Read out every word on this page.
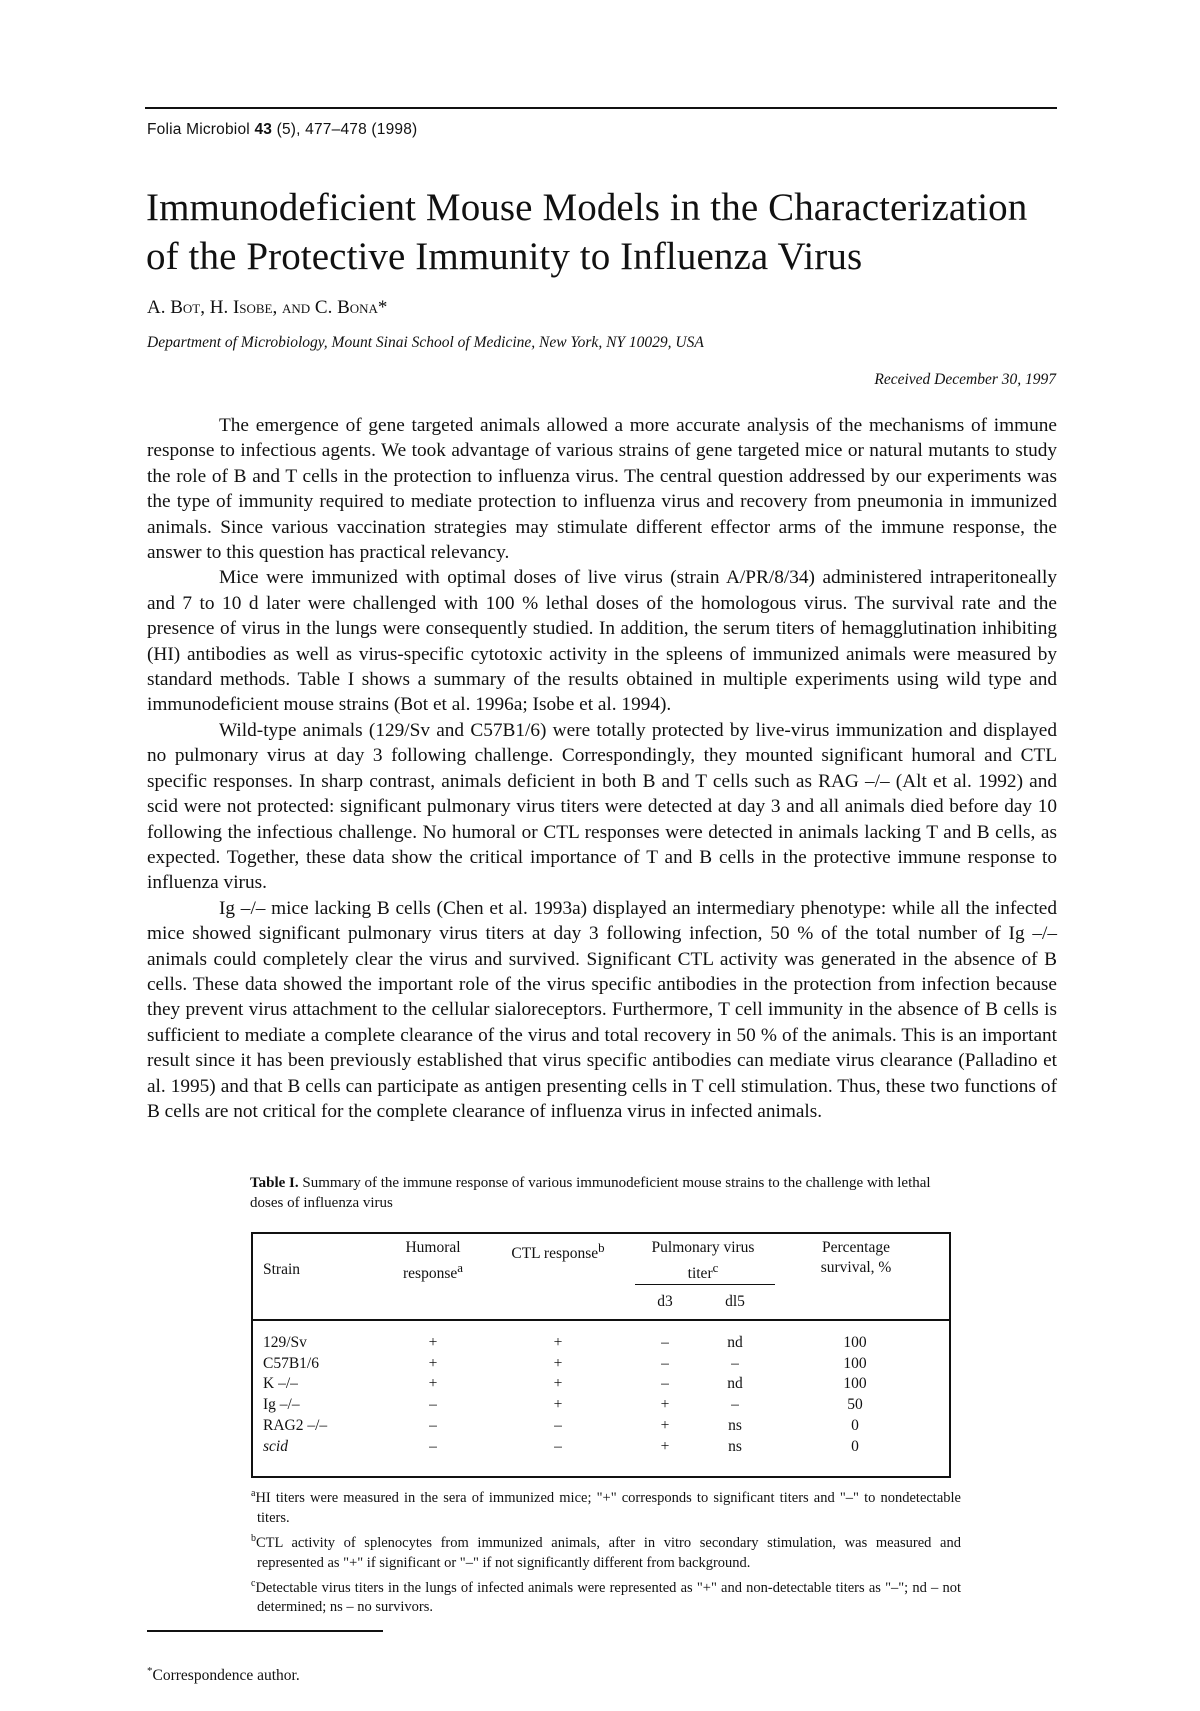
Folia Microbiol 43 (5), 477–478 (1998)
Immunodeficient Mouse Models in the Characterization
of the Protective Immunity to Influenza Virus
A. Bot, H. Isobe, and C. Bona*
Department of Microbiology, Mount Sinai School of Medicine, New York, NY 10029, USA
Received December 30, 1997

The emergence of gene targeted animals allowed a more accurate analysis of the mechanisms of immune response to infectious agents. We took advantage of various strains of gene targeted mice or natural mutants to study the role of B and T cells in the protection to influenza virus. The central question addressed by our experiments was the type of immunity required to mediate protection to influenza virus and recovery from pneumonia in immunized animals. Since various vaccination strategies may stimulate different effector arms of the immune response, the answer to this question has practical relevancy.

Mice were immunized with optimal doses of live virus (strain A/PR/8/34) administered intraperitoneally and 7 to 10 d later were challenged with 100 % lethal doses of the homologous virus. The survival rate and the presence of virus in the lungs were consequently studied. In addition, the serum titers of hemagglutination inhibiting (HI) antibodies as well as virus-specific cytotoxic activity in the spleens of immunized animals were measured by standard methods. Table I shows a summary of the results obtained in multiple experiments using wild type and immunodeficient mouse strains (Bot et al. 1996a; Isobe et al. 1994).

Wild-type animals (129/Sv and C57B1/6) were totally protected by live-virus immunization and displayed no pulmonary virus at day 3 following challenge. Correspondingly, they mounted significant humoral and CTL specific responses. In sharp contrast, animals deficient in both B and T cells such as RAG –/– (Alt et al. 1992) and scid were not protected: significant pulmonary virus titers were detected at day 3 and all animals died before day 10 following the infectious challenge. No humoral or CTL responses were detected in animals lacking T and B cells, as expected. Together, these data show the critical importance of T and B cells in the protective immune response to influenza virus.

Ig –/– mice lacking B cells (Chen et al. 1993a) displayed an intermediary phenotype: while all the infected mice showed significant pulmonary virus titers at day 3 following infection, 50 % of the total number of Ig –/– animals could completely clear the virus and survived. Significant CTL activity was generated in the absence of B cells. These data showed the important role of the virus specific antibodies in the protection from infection because they prevent virus attachment to the cellular sialoreceptors. Furthermore, T cell immunity in the absence of B cells is sufficient to mediate a complete clearance of the virus and total recovery in 50 % of the animals. This is an important result since it has been previously established that virus specific antibodies can mediate virus clearance (Palladino et al. 1995) and that B cells can participate as antigen presenting cells in T cell stimulation. Thus, these two functions of B cells are not critical for the complete clearance of influenza virus in infected animals.

Table I. Summary of the immune response of various immunodeficient mouse strains to the challenge with lethal doses of influenza virus
Strain
Humoral
response$^a$
CTL response$^b$	Pulmonary virus
titer$^c$
Percentage
survival, %
d3	dl5
129/Sv	+	+	–	nd	100
C57B1/6	+	+	–	–	100
K –/–	+	+	–	nd	100
Ig –/–	–	+	+	–	50
RAG2 –/–	–	–	+	ns	0
scid	–	–	+	ns	0

$^a$HI titers were measured in the sera of immunized mice; "+" corresponds to significant titers and "–" to nondetectable titers.

$^b$CTL activity of splenocytes from immunized animals, after in vitro secondary stimulation, was measured and represented as "+" if significant or "–" if not significantly different from background.

$^c$Detectable virus titers in the lungs of infected animals were represented as "+" and non-detectable titers as "–"; nd – not determined; ns – no survivors.

*Correspondence author.
